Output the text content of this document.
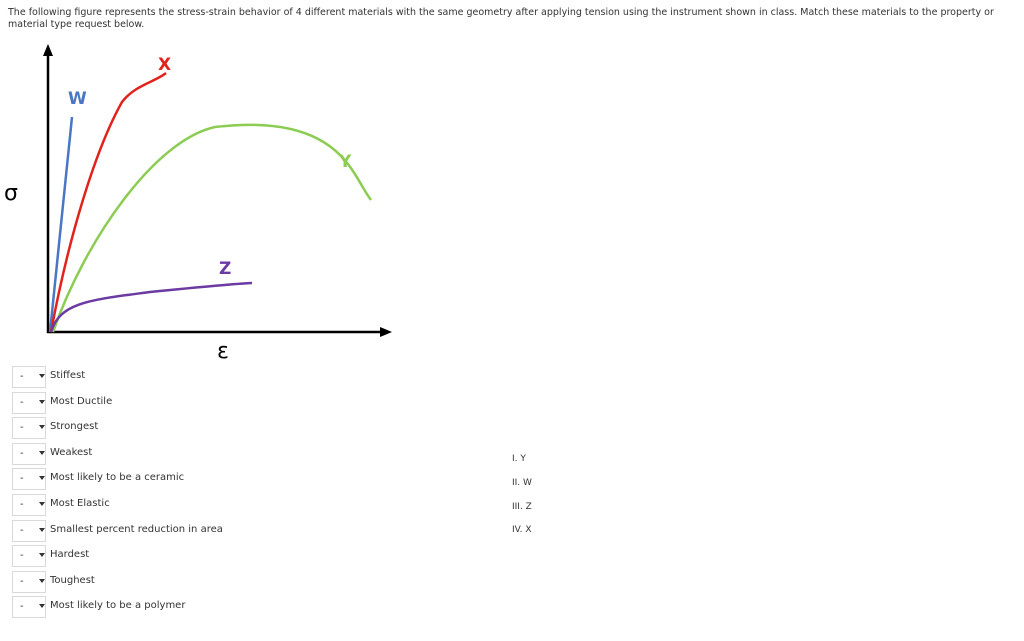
The following figure represents the stress-strain behavior of 4 different materials with the same geometry after applying tension using the instrument shown in class. Match these materials to the property or material type request below.
σ
ε
W
X
Y
Z
-	Stiffest
-	Most Ductile
-	Strongest
-	Weakest
-	Most likely to be a ceramic
-	Most Elastic
-	Smallest percent reduction in area
-	Hardest
-	Toughest
-	Most likely to be a polymer
I. Y
II. W
III. Z
IV. X
